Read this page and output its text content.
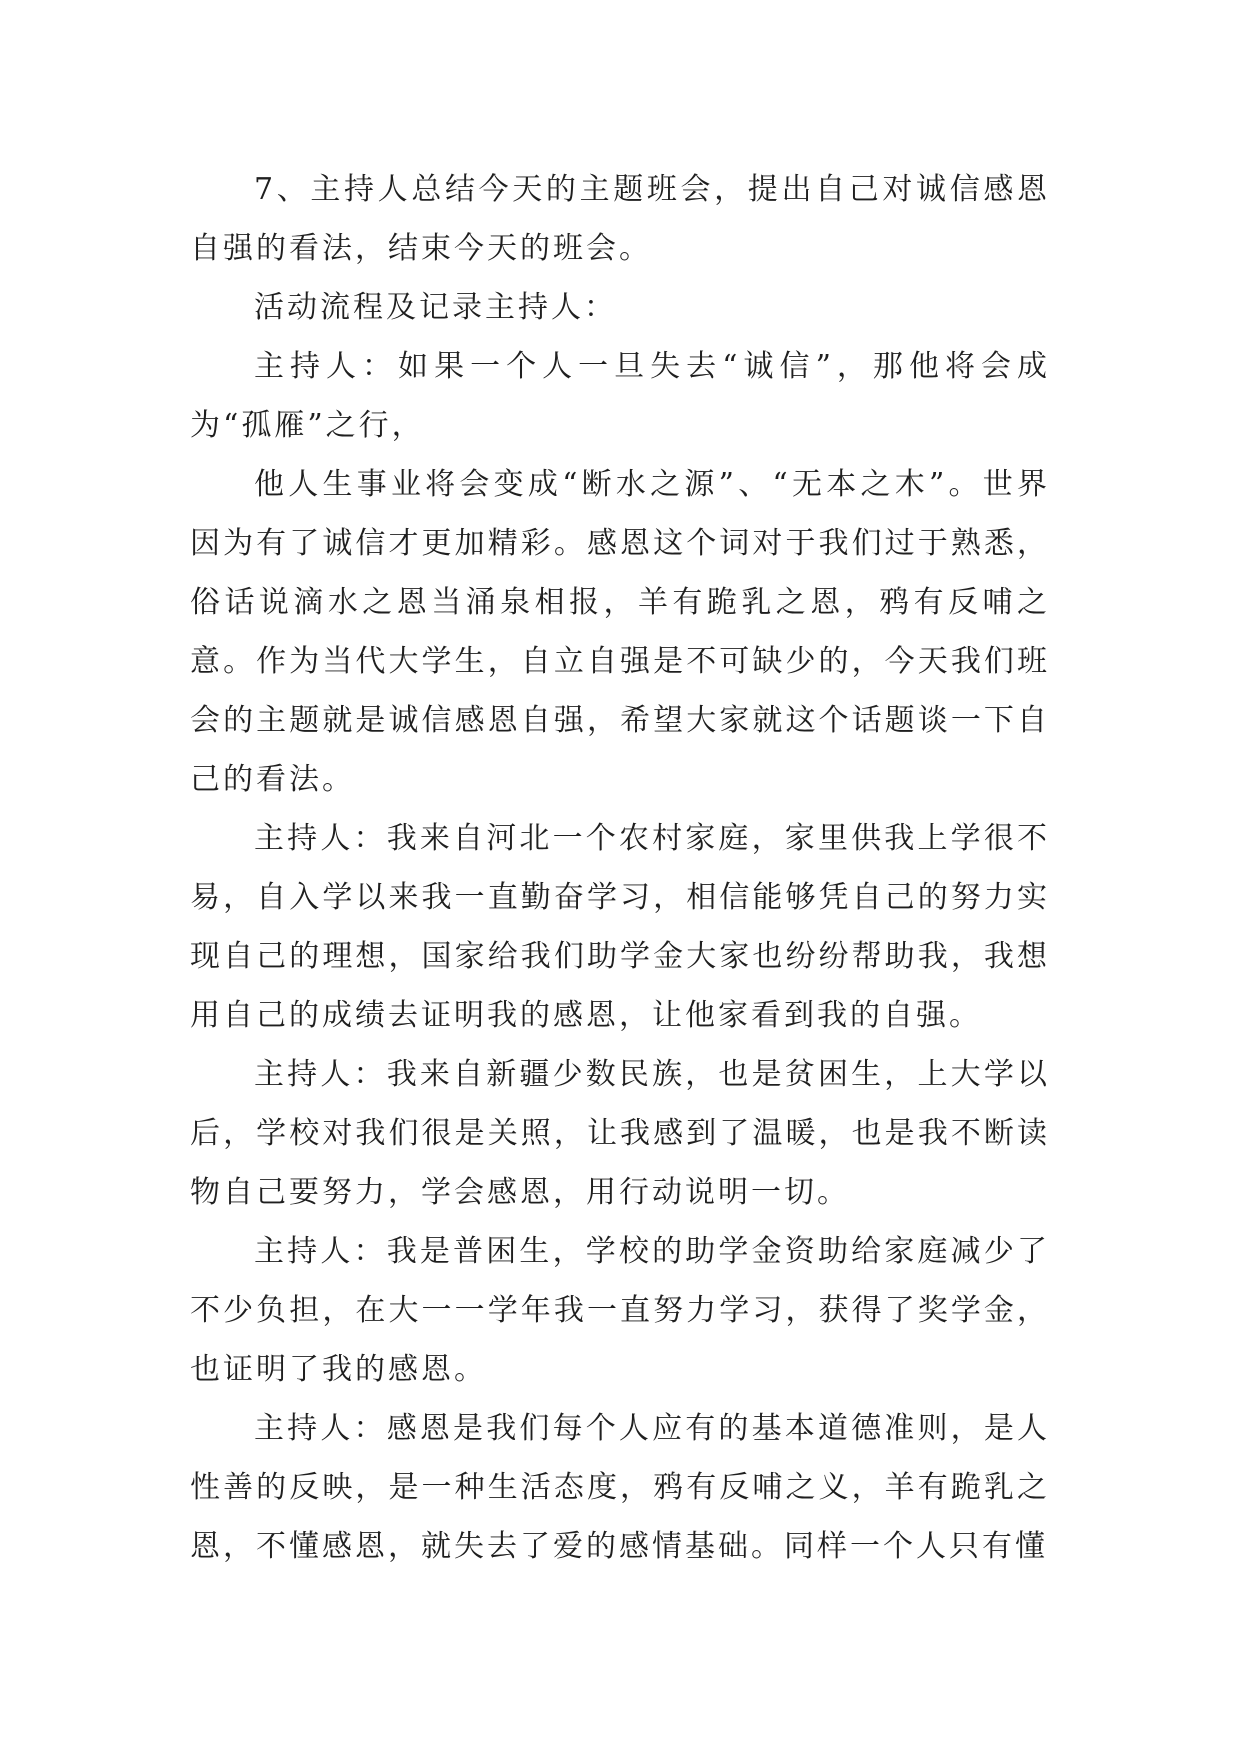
7、主持人总结今天的主题班会，提出自己对诚信感恩自强的看法，结束今天的班会。

活动流程及记录主持人：

主持人：如果一个人一旦失去“诚信”，那他将会成为“孤雁”之行，

他人生事业将会变成“断水之源”、“无本之木”。世界因为有了诚信才更加精彩。感恩这个词对于我们过于熟悉，俗话说滴水之恩当涌泉相报，羊有跪乳之恩，鸦有反哺之意。作为当代大学生，自立自强是不可缺少的，今天我们班会的主题就是诚信感恩自强，希望大家就这个话题谈一下自己的看法。

主持人：我来自河北一个农村家庭，家里供我上学很不易，自入学以来我一直勤奋学习，相信能够凭自己的努力实现自己的理想，国家给我们助学金大家也纷纷帮助我，我想用自己的成绩去证明我的感恩，让他家看到我的自强。

主持人：我来自新疆少数民族，也是贫困生，上大学以后，学校对我们很是关照，让我感到了温暖，也是我不断读物自己要努力，学会感恩，用行动说明一切。

主持人：我是普困生，学校的助学金资助给家庭减少了不少负担，在大一一学年我一直努力学习，获得了奖学金，也证明了我的感恩。

主持人：感恩是我们每个人应有的基本道德准则，是人性善的反映，是一种生活态度，鸦有反哺之义，羊有跪乳之恩，不懂感恩，就失去了爱的感情基础。同样一个人只有懂
